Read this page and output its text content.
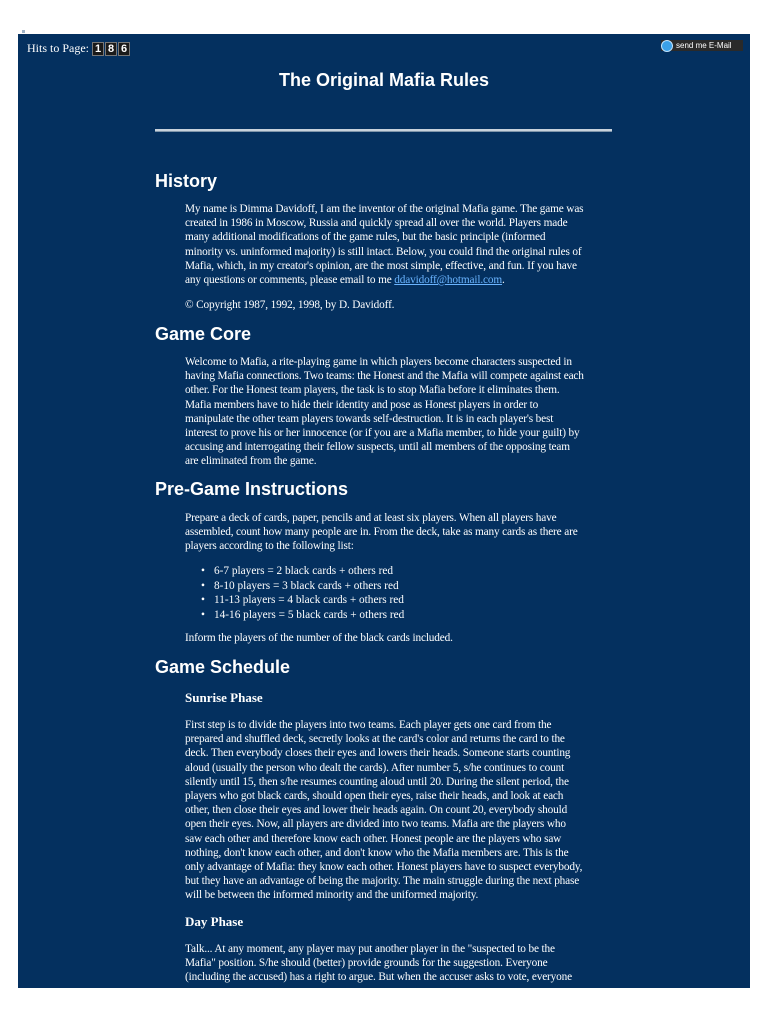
Hits to Page: 1 8 6	send me E-Mail
The Original Mafia Rules
History

My name is Dimma Davidoff, I am the inventor of the original Mafia game. The game was created in 1986 in Moscow, Russia and quickly spread all over the world. Players made many additional modifications of the game rules, but the basic principle (informed minority vs. uninformed majority) is still intact. Below, you could find the original rules of Mafia, which, in my creator's opinion, are the most simple, effective, and fun. If you have any questions or comments, please email to me ddavidoff@hotmail.com.

© Copyright 1987, 1992, 1998, by D. Davidoff.

Game Core

Welcome to Mafia, a rite-playing game in which players become characters suspected in having Mafia connections. Two teams: the Honest and the Mafia will compete against each other. For the Honest team players, the task is to stop Mafia before it eliminates them. Mafia members have to hide their identity and pose as Honest players in order to manipulate the other team players towards self-destruction. It is in each player's best interest to prove his or her innocence (or if you are a Mafia member, to hide your guilt) by accusing and interrogating their fellow suspects, until all members of the opposing team are eliminated from the game.

Pre-Game Instructions

Prepare a deck of cards, paper, pencils and at least six players. When all players have assembled, count how many people are in. From the deck, take as many cards as there are players according to the following list:

• 6-7 players = 2 black cards + others red
• 8-10 players = 3 black cards + others red
• 11-13 players = 4 black cards + others red
• 14-16 players = 5 black cards + others red

Inform the players of the number of the black cards included.

Game Schedule
Sunrise Phase

First step is to divide the players into two teams. Each player gets one card from the prepared and shuffled deck, secretly looks at the card's color and returns the card to the deck. Then everybody closes their eyes and lowers their heads. Someone starts counting aloud (usually the person who dealt the cards). After number 5, s/he continues to count silently until 15, then s/he resumes counting aloud until 20. During the silent period, the players who got black cards, should open their eyes, raise their heads, and look at each other, then close their eyes and lower their heads again. On count 20, everybody should open their eyes. Now, all players are divided into two teams. Mafia are the players who saw each other and therefore know each other. Honest people are the players who saw nothing, don't know each other, and don't know who the Mafia members are. This is the only advantage of Mafia: they know each other. Honest players have to suspect everybody, but they have an advantage of being the majority. The main struggle during the next phase will be between the informed minority and the uniformed majority.

Day Phase

Talk... At any moment, any player may put another player in the "suspected to be the Mafia" position. S/he should (better) provide grounds for the suggestion. Everyone (including the accused) has a right to argue. But when the accuser asks to vote, everyone
